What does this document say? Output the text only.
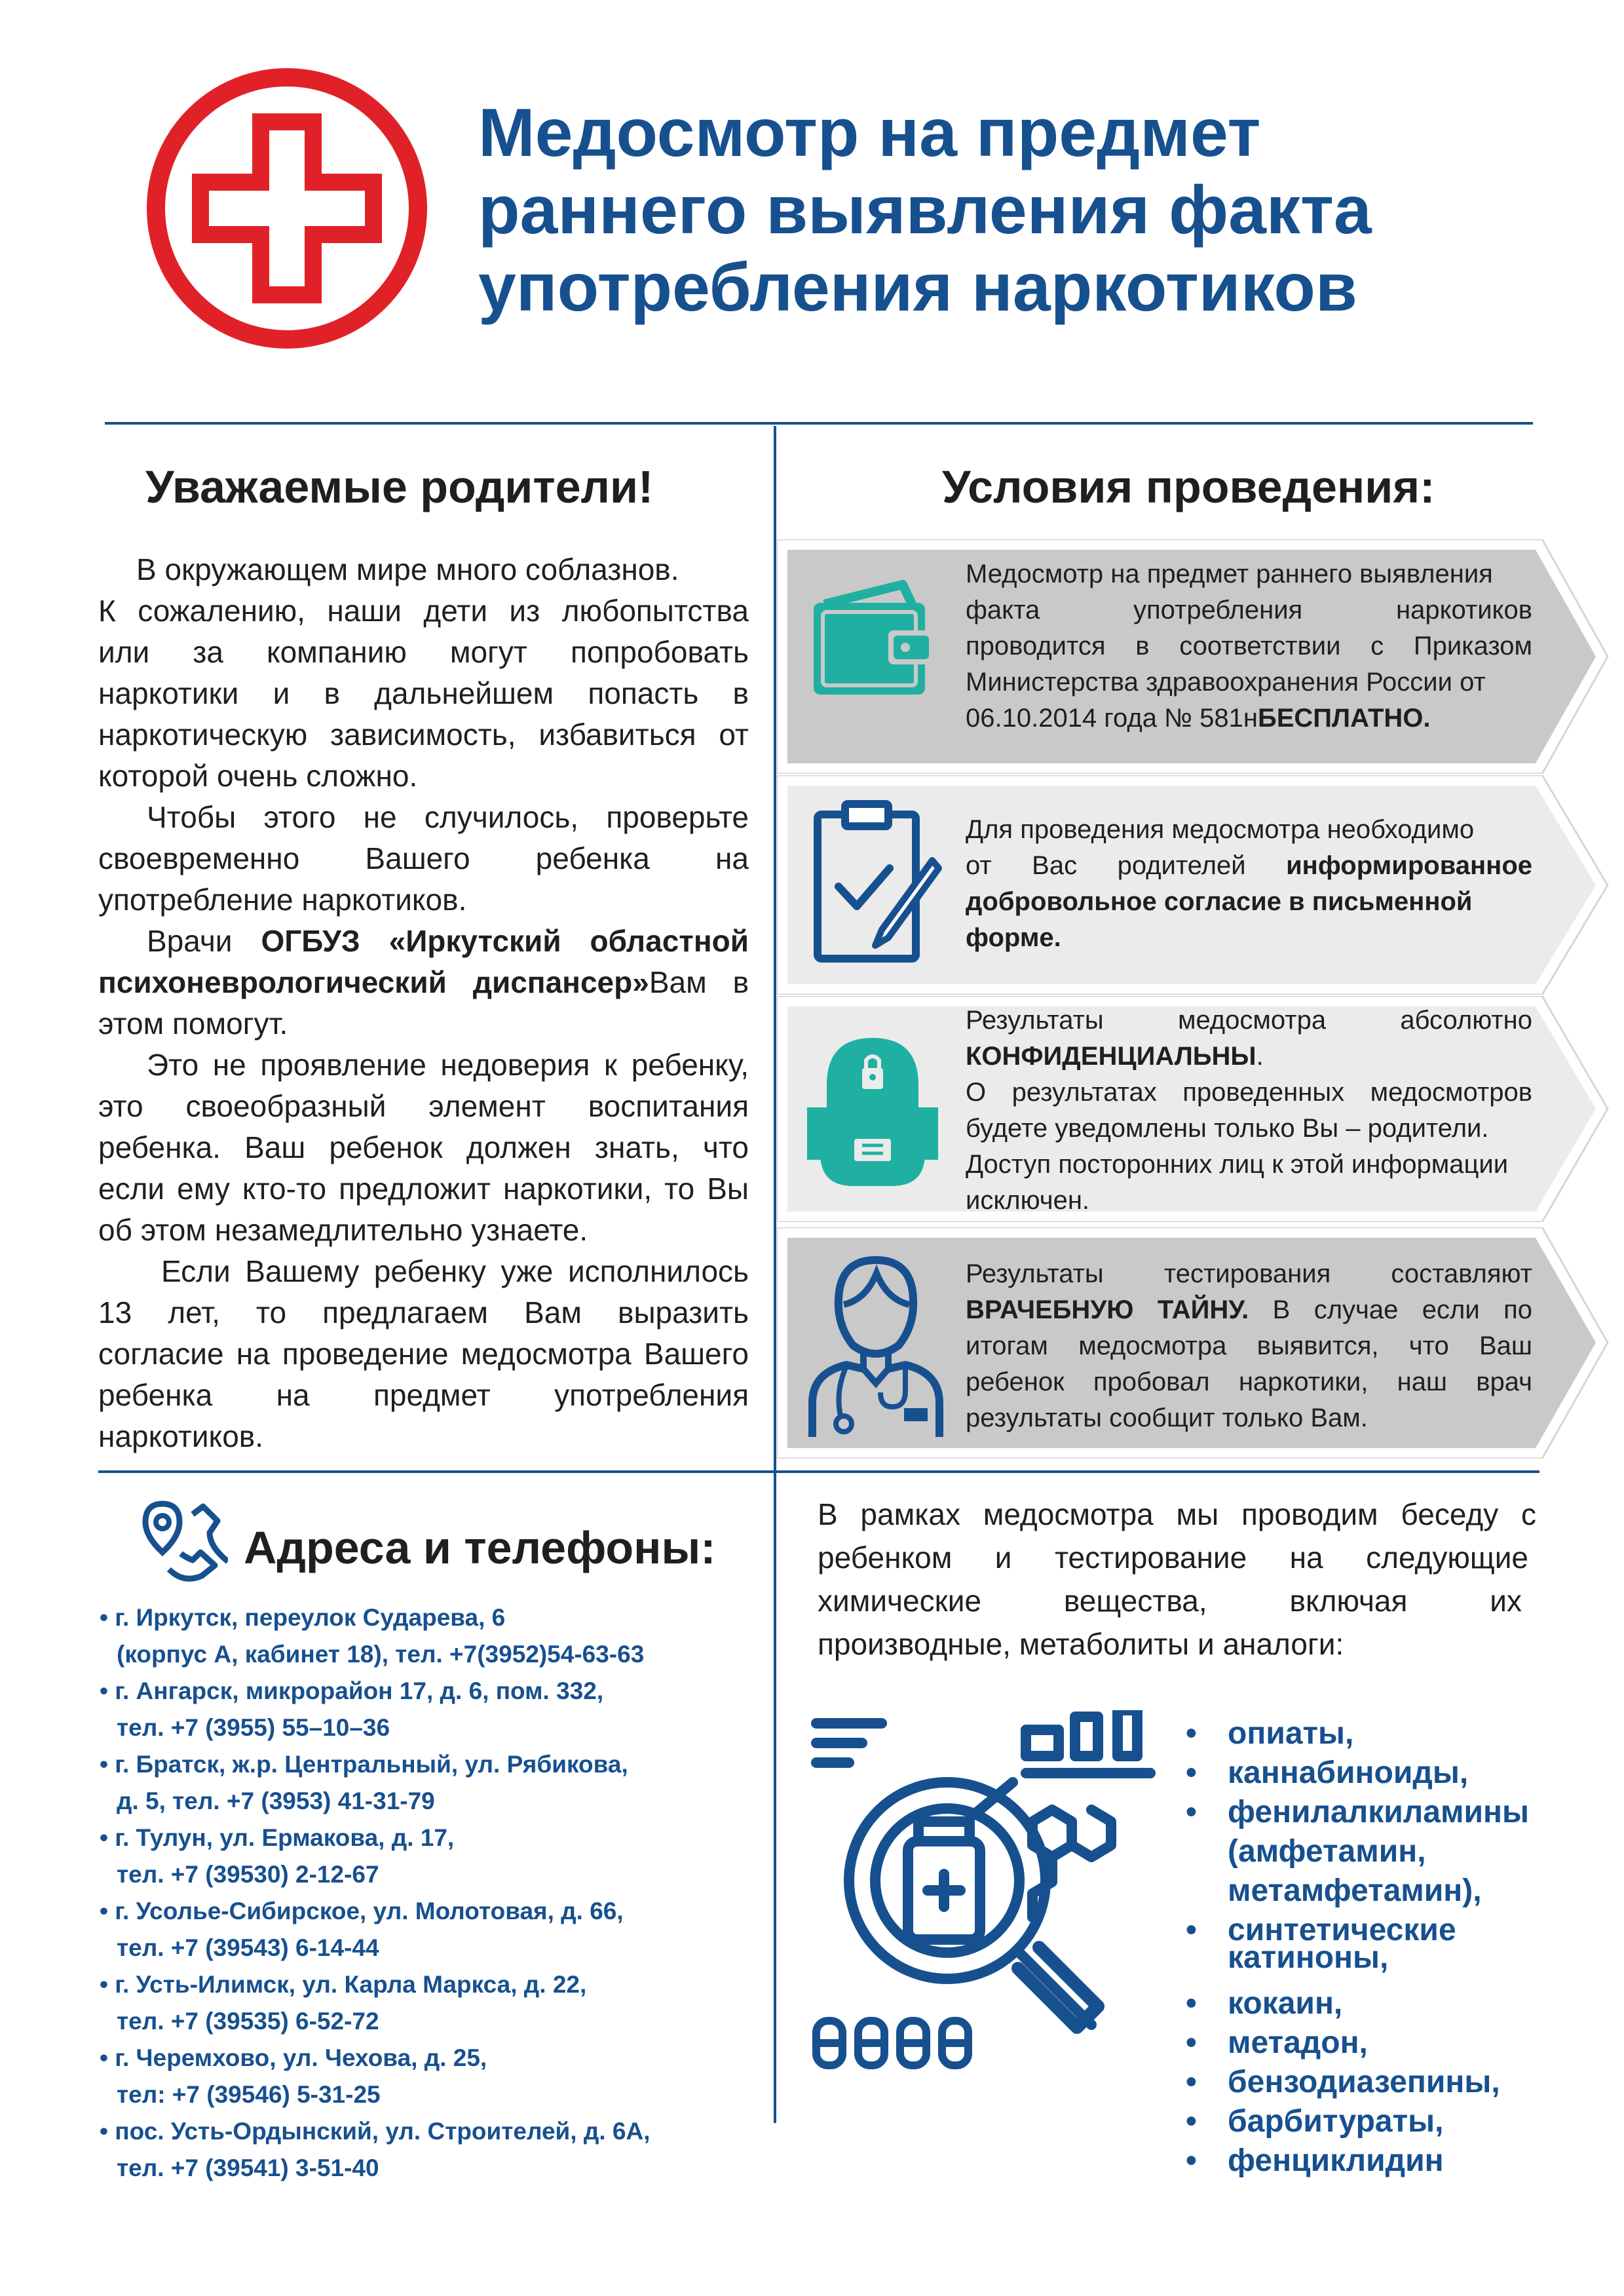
Медосмотр на предмет
раннего выявления факта
употребления наркотиков
Уважаемые родители!
В окружающем мире много соблазнов.
К сожалению, наши дети из любопытства
или за компанию могут попробовать
наркотики и в дальнейшем попасть в
наркотическую зависимость, избавиться от
которой очень сложно.
Чтобы этого не случилось, проверьте
своевременно Вашего ребенка на
употребление наркотиков.
Врачи ОГБУЗ «Иркутский областной
психоневрологический диспансер»Вам в
этом помогут.
Это не проявление недоверия к ребенку,
это своеобразный элемент воспитания
ребенка. Ваш ребенок должен знать, что
если ему кто-то предложит наркотики, то Вы
об этом незамедлительно узнаете.
Если Вашему ребенку уже исполнилось
13 лет, то предлагаем Вам выразить
согласие на проведение медосмотра Вашего
ребенка на предмет употребления
наркотиков.
Условия проведения:
Медосмотр на предмет раннего выявления
факта употребления наркотиков
проводится в соответствии с Приказом
Министерства здравоохранения России от
06.10.2014 года № 581нБЕСПЛАТНО.
Для проведения медосмотра необходимо
от Вас родителей информированное
добровольное согласие в письменной
форме.
Результаты медосмотра абсолютно
КОНФИДЕНЦИАЛЬНЫ.
О результатах проведенных медосмотров
будете уведомлены только Вы – родители.
Доступ посторонних лиц к этой информации
исключен.
Результаты тестирования составляют
ВРАЧЕБНУЮ ТАЙНУ. В случае если по
итогам медосмотра выявится, что Ваш
ребенок пробовал наркотики, наш врач
результаты сообщит только Вам.
Адреса и телефоны:
• г. Иркутск, переулок Сударева, 6
(корпус А, кабинет 18), тел. +7(3952)54-63-63
• г. Ангарск, микрорайон 17, д. 6, пом. 332,
тел. +7 (3955) 55–10–36
• г. Братск, ж.р. Центральный, ул. Рябикова,
д. 5, тел. +7 (3953) 41-31-79
• г. Тулун, ул. Ермакова, д. 17,
тел. +7 (39530) 2-12-67
• г. Усолье-Сибирское, ул. Молотовая, д. 66,
тел. +7 (39543) 6-14-44
• г. Усть-Илимск, ул. Карла Маркса, д. 22,
тел. +7 (39535) 6-52-72
• г. Черемхово, ул. Чехова, д. 25,
тел: +7 (39546) 5-31-25
• пос. Усть-Ордынский, ул. Строителей, д. 6А,
тел. +7 (39541) 3-51-40
В рамках медосмотра мы проводим беседу с
ребенком и тестирование на следующие
химические вещества, включая их
производные, метаболиты и аналоги:
• опиаты,
• каннабиноиды,
• фенилалкиламины
(амфетамин,
метамфетамин),
• синтетические
катиноны,
• кокаин,
• метадон,
• бензодиазепины,
• барбитураты,
• фенциклидин
